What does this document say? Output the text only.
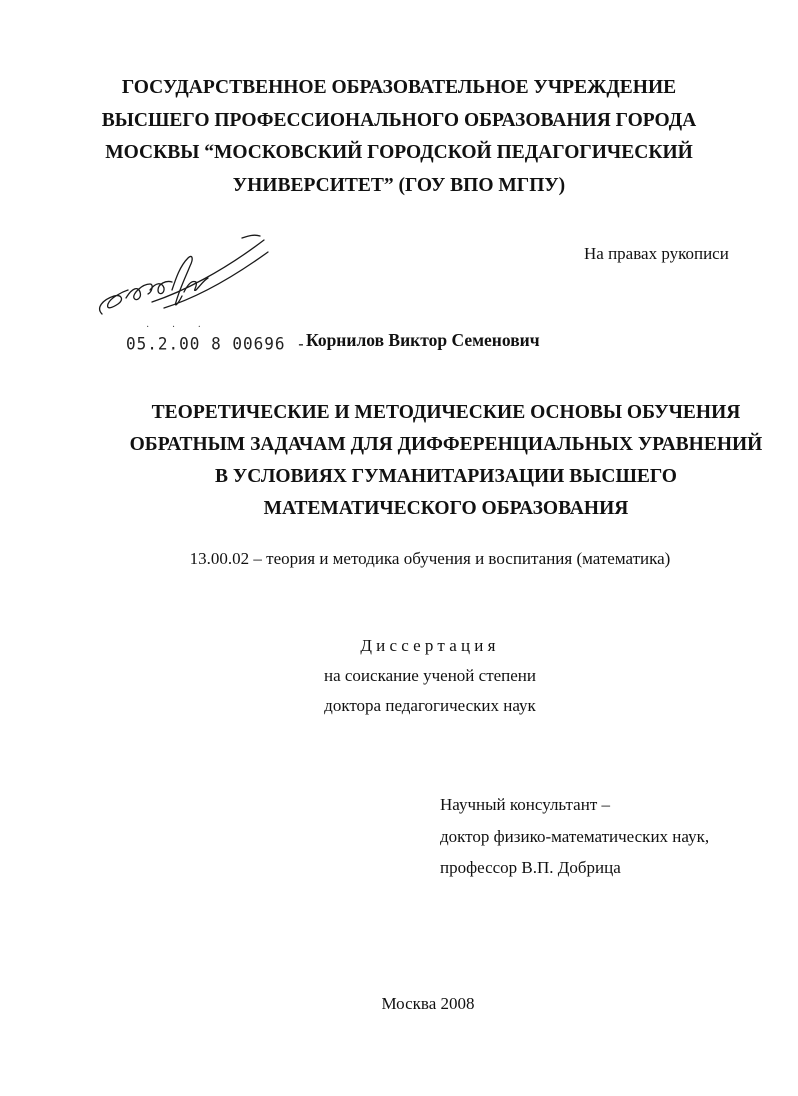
ГОСУДАРСТВЕННОЕ ОБРАЗОВАТЕЛЬНОЕ УЧРЕЖДЕНИЕ
ВЫСШЕГО ПРОФЕССИОНАЛЬНОГО ОБРАЗОВАНИЯ ГОРОДА
МОСКВЫ “МОСКОВСКИЙ ГОРОДСКОЙ ПЕДАГОГИЧЕСКИЙ
УНИВЕРСИТЕТ” (ГОУ ВПО МГПУ)
На правах рукописи
· · ·
05.2.00 8 00696 - Корнилов Виктор Семенович
ТЕОРЕТИЧЕСКИЕ И МЕТОДИЧЕСКИЕ ОСНОВЫ ОБУЧЕНИЯ
ОБРАТНЫМ ЗАДАЧАМ ДЛЯ ДИФФЕРЕНЦИАЛЬНЫХ УРАВНЕНИЙ
В УСЛОВИЯХ ГУМАНИТАРИЗАЦИИ ВЫСШЕГО
МАТЕМАТИЧЕСКОГО ОБРАЗОВАНИЯ
13.00.02 – теория и методика обучения и воспитания (математика)
Диссертация
на соискание ученой степени
доктора педагогических наук
Научный консультант –
доктор физико-математических наук,
профессор В.П. Добрица
Москва 2008
